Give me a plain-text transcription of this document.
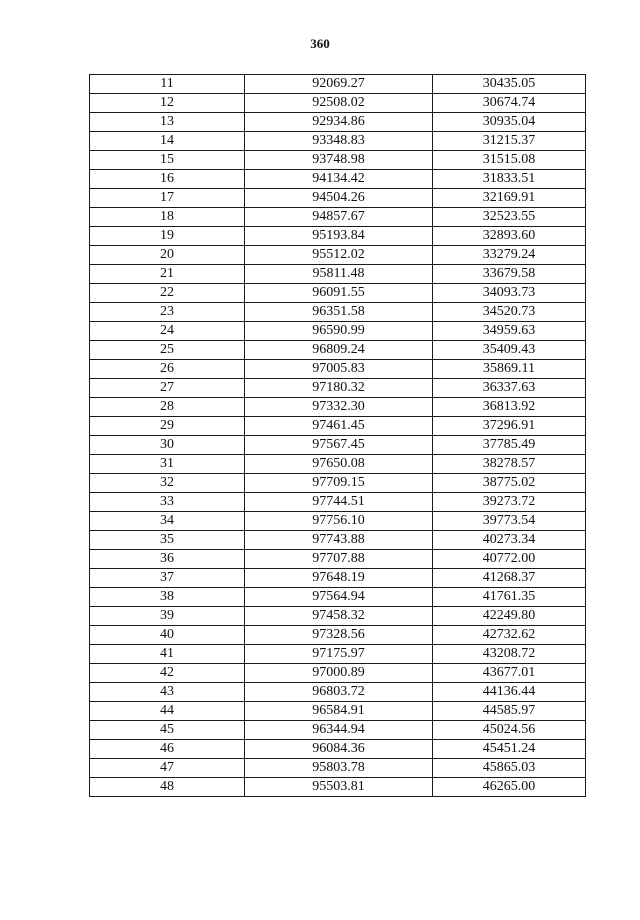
360
11	92069.27	30435.05
12	92508.02	30674.74
13	92934.86	30935.04
14	93348.83	31215.37
15	93748.98	31515.08
16	94134.42	31833.51
17	94504.26	32169.91
18	94857.67	32523.55
19	95193.84	32893.60
20	95512.02	33279.24
21	95811.48	33679.58
22	96091.55	34093.73
23	96351.58	34520.73
24	96590.99	34959.63
25	96809.24	35409.43
26	97005.83	35869.11
27	97180.32	36337.63
28	97332.30	36813.92
29	97461.45	37296.91
30	97567.45	37785.49
31	97650.08	38278.57
32	97709.15	38775.02
33	97744.51	39273.72
34	97756.10	39773.54
35	97743.88	40273.34
36	97707.88	40772.00
37	97648.19	41268.37
38	97564.94	41761.35
39	97458.32	42249.80
40	97328.56	42732.62
41	97175.97	43208.72
42	97000.89	43677.01
43	96803.72	44136.44
44	96584.91	44585.97
45	96344.94	45024.56
46	96084.36	45451.24
47	95803.78	45865.03
48	95503.81	46265.00
